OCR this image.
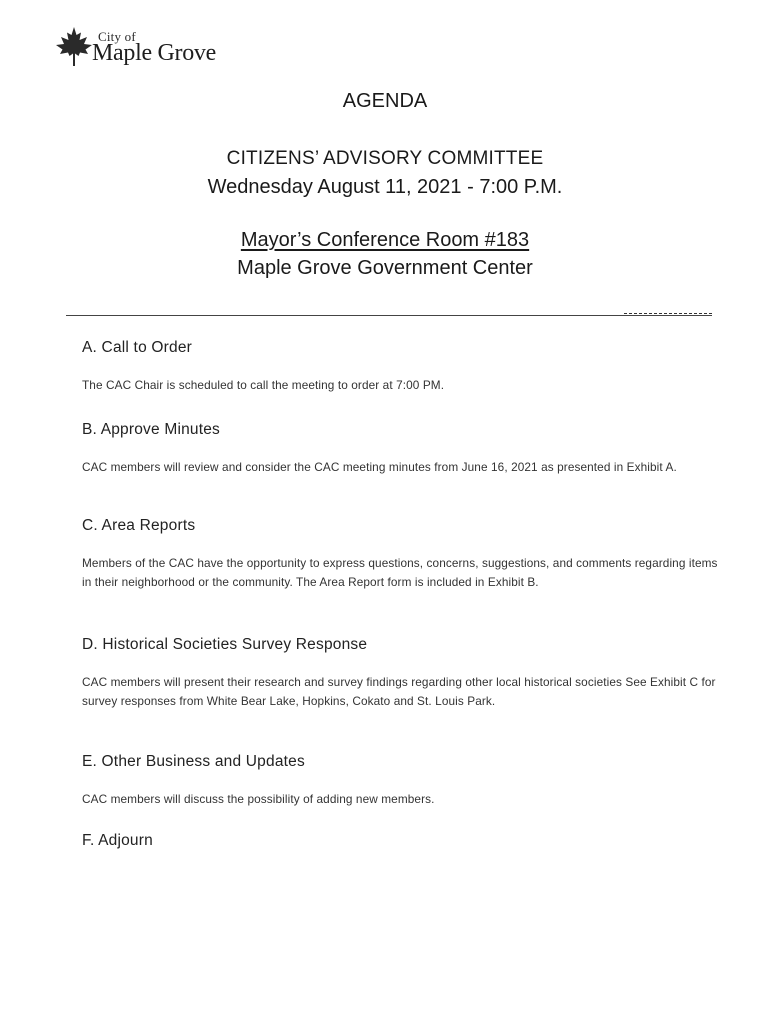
City of
Maple Grove
AGENDA
CITIZENS’ ADVISORY COMMITTEE
Wednesday August 11, 2021 - 7:00 P.M.
Mayor’s Conference Room #183
Maple Grove Government Center
A. Call to Order

The CAC Chair is scheduled to call the meeting to order at 7:00 PM.

B. Approve Minutes

CAC members will review and consider the CAC meeting minutes from June 16, 2021 as presented in Exhibit A.

C. Area Reports

Members of the CAC have the opportunity to express questions, concerns, suggestions, and comments regarding items in their neighborhood or the community. The Area Report form is included in Exhibit B.

D. Historical Societies Survey Response

CAC members will present their research and survey findings regarding other local historical societies See Exhibit C for survey responses from White Bear Lake, Hopkins, Cokato and St. Louis Park.

E. Other Business and Updates

CAC members will discuss the possibility of adding new members.

F. Adjourn
